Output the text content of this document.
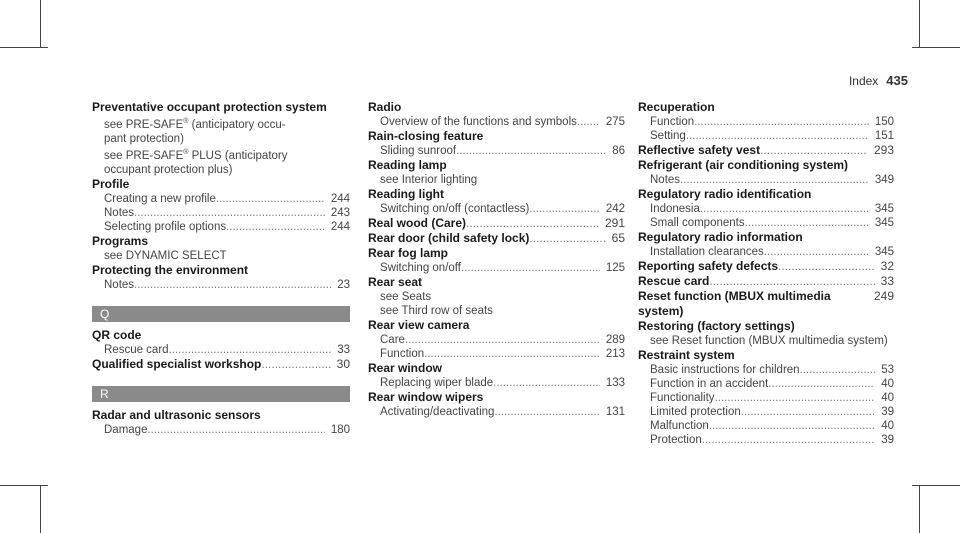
Index 435
Preventative occupant protection system
see PRE-SAFE® (anticipatory occu-
pant protection)
see PRE-SAFE® PLUS (anticipatory
occupant protection plus)
Profile
Creating a new profile .....	244
Notes .....	243
Selecting profile options .....	244
Programs
see DYNAMIC SELECT
Protecting the environment
Notes .....	23
Q
QR code
Rescue card .....	33
Qualified specialist workshop .....	30
R
Radar and ultrasonic sensors
Damage .....	180
Radio
Overview of the functions and symbols .....	275
Rain-closing feature
Sliding sunroof .....	86
Reading lamp
see Interior lighting
Reading light
Switching on/off (contactless) .....	242
Real wood (Care) .....	291
Rear door (child safety lock) .....	65
Rear fog lamp
Switching on/off .....	125
Rear seat
see Seats
see Third row of seats
Rear view camera
Care .....	289
Function .....	213
Rear window
Replacing wiper blade .....	133
Rear window wipers
Activating/deactivating .....	131
Recuperation
Function .....	150
Setting .....	151
Reflective safety vest .....	293
Refrigerant (air conditioning system)
Notes .....	349
Regulatory radio identification
Indonesia .....	345
Small components .....	345
Regulatory radio information
Installation clearances .....	345
Reporting safety defects .....	32
Rescue card .....	33
Reset function (MBUX multimedia system)
249
Restoring (factory settings)
see Reset function (MBUX multimedia system)
Restraint system
Basic instructions for children .....	53
Function in an accident .....	40
Functionality .....	40
Limited protection .....	39
Malfunction .....	40
Protection .....	39
